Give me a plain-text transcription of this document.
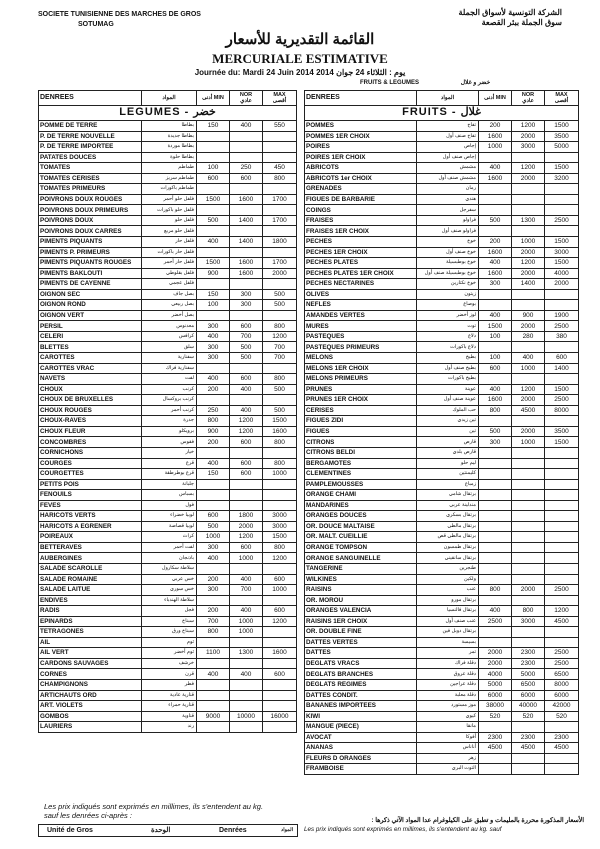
SOCIETE TUNISIENNE DES MARCHES DE GROS
SOTUMAG
الشركة التونسية لأسواق الجملة
سوق الجملة ببئر القصعة
القائمة التقديرية للأسعار
MERCURIALE ESTIMATIVE
Journée du: Mardi 24 Juin 2014 يوم : الثلاثاء 24 جوان 2014
FRUITS & LEGUMES	خضر و غلال
DENREES	المواد	أدنى MIN	NOR
عادي	MAX
أقصى
LEGUMES - خضر				
POMME DE TERRE	بطاطا	150	400	550
P. DE TERRE NOUVELLE	بطاطا جديدة			
P. DE TERRE IMPORTEE	بطاطا موردة			
PATATES DOUCES	بطاطا حلوة			
TOMATES	طماطم	100	250	450
TOMATES CERISES	طماطم سريز	600	600	800
TOMATES PRIMEURS	طماطم باكورات			
POIVRONS DOUX ROUGES	فلفل حلو أحمر	1500	1600	1700
POIVRONS DOUX PRIMEURS	فلفل حلو باكورات			
POIVRONS DOUX	فلفل حلو	500	1400	1700
POIVRONS DOUX CARRES	فلفل حلو مربع			
PIMENTS PIQUANTS	فلفل حار	400	1400	1800
PIMENTS P. PRIMEURS	فلفل حار باكورات			
PIMENTS PIQUANTS ROUGES	فلفل حار أحمر	1500	1600	1700
PIMENTS BAKLOUTI	فلفل بقلوطي	900	1600	2000
PIMENTS DE CAYENNE	فلفل عجمي			
OIGNON SEC	بصل جاف	150	300	500
OIGNON ROND	بصل ربيعي	100	300	500
OIGNON VERT	بصل أخضر			
PERSIL	معدنوس	300	600	800
CELERI	كرافس	400	700	1200
BLETTES	سلق	300	500	700
CAROTTES	سفنارية	300	500	700
CAROTTES VRAC	سفنارية فراك			
NAVETS	لفت	400	600	800
CHOUX	كرنب	200	400	500
CHOUX DE BRUXELLES	كرنب بروكسال			
CHOUX ROUGES	كرنب أحمر	250	400	500
CHOUX-RAVES	جدرة	800	1200	1500
CHOUX FLEUR	برويكلو	900	1200	1600
CONCOMBRES	فقوس	200	600	800
CORNICHONS	خيار			
COURGES	قرع	400	600	800
COURGETTES	قرع بوطرطقة	150	600	1000
PETITS POIS	جلبانة			
FENOUILS	بسباس			
FEVES	فول			
HARICOTS VERTS	لوبيا خضراء	600	1800	3000
HARICOTS A EGRENER	لوبيا قصاصة	500	2000	3000
POIREAUX	كراث	1000	1200	1500
BETTERAVES	لفت أحمر	300	600	800
AUBERGINES	باذنجان	400	1000	1200
SALADE SCAROLLE	سلاطة سكارول			
SALADE ROMAINE	خس عربي	200	400	600
SALADE LAITUE	خس سوري	300	700	1000
ENDIVES	سلاطة الهندباء			
RADIS	فجل	200	400	600
EPINARDS	سبناخ	700	1000	1200
TETRAGONES	سبناخ ورق	800	1000	
AIL	ثوم			
AIL VERT	ثوم أخضر	1100	1300	1600
CARDONS SAUVAGES	خرشف			
CORNES	قرن	400	400	600
CHAMPIGNONS	فطر			
ARTICHAUTS ORD	قنارية عادية			
ART. VIOLETS	قنارية حمراء			
GOMBOS	قناوية	9000	10000	16000
LAURIERS	رند			
DENREES	المواد	أدنى MIN	NOR
عادي	MAX
أقصى
FRUITS - غلال				
POMMES	تفاح	200	1200	1500
POMMES 1ER CHOIX	تفاح صنف أول	1600	2000	3500
POIRES	إجاص	1000	3000	5000
POIRES 1ER CHOIX	إجاص صنف أول			
ABRICOTS	مشمش	400	1200	1500
ABRICOTS 1er CHOIX	مشمش صنف أول	1600	2000	3200
GRENADES	رمان			
FIGUES DE BARBARIE	هندي			
COINGS	سفرجل			
FRAISES	فراولو	500	1300	2500
FRAISES 1ER CHOIX	فراولو صنف أول			
PECHES	خوخ	200	1000	1500
PECHES 1ER CHOIX	خوخ صنف أول	1600	2000	3000
PECHES PLATES	خوخ بوطبسيلة	400	1200	1500
PECHES PLATES 1ER CHOIX	خوخ بوطبسيلة صنف أول	1600	2000	4000
PECHES NECTARINES	خوخ نكتارين	300	1400	2000
OLIVES	زيتون			
NEFLES	بوصاع			
AMANDES VERTES	لوز أخضر	400	900	1900
MURES	توت	1500	2000	2500
PASTEQUES	دلاع	100	280	380
PASTEQUES PRIMEURS	دلاع باكورات			
MELONS	بطيخ	100	400	600
MELONS 1ER CHOIX	بطيخ صنف أول	600	1000	1400
MELONS PRIMEURS	بطيخ باكورات			
PRUNES	عوينة	400	1200	1500
PRUNES 1ER CHOIX	عوينة صنف أول	1600	2000	2500
CERISES	حب الملوك	800	4500	8000
FIGUES ZIDI	تين زيدي			
FIGUES	تين	500	2000	3500
CITRONS	قارص	300	1000	1500
CITRONS BELDI	قارص بلدي			
BERGAMOTES	ليم حلو			
CLEMENTINES	كليمنتين			
PAMPLEMOUSSES	زمباع			
ORANGE CHAMI	برتقال شامي			
MANDARINES	مندلينة عربي			
ORANGES DOUCES	برتقال بسكري			
OR. DOUCE MALTAISE	برتقال مالطي			
OR. MALT. CUEILLIE	برتقال مالطي قص			
ORANGE TOMPSON	برتقال طمسون			
ORANGE SANGUINELLE	برتقال سانقيني			
TANGERINE	طنجرين			
WILKINES	ولكين			
RAISINS	عنب	800	2000	2500
OR. MOROU	برتقال مورو			
ORANGES VALENCIA	برتقال فالنسيا	400	800	1200
RAISINS 1ER CHOIX	عنب صنف أول	2500	3000	4500
OR. DOUBLE FINE	برتقال دوبل فين			
DATTES VERTES	بسيسة			
DATTES	تمر	2000	2300	2500
DEGLATS VRACS	دقلة فراك	2000	2300	2500
DEGLATS BRANCHES	دقلة عروق	4000	5000	6500
DEGLATS REGIMES	دقلة عراجين	5000	6500	8000
DATTES CONDIT.	دقلة معلبة	6000	6000	6000
BANANES IMPORTEES	موز مستورد	38000	40000	42000
KIWI	كيوي	520	520	520
MANGUE (PIECE)	مانقا			
AVOCAT	أفوكا	2300	2300	2300
ANANAS	أناناس	4500	4500	4500
FLEURS D ORANGES	زهر			
FRAMBOISE	التوت البري			
Les prix indiqués sont exprimés en millimes, ils s'entendent au kg.
sauf les denrées ci-après :
Unité de Gros	الوحدة	Denrées	المواد
الأسعار المذكورة محررة بالمليمات و تطبق على الكيلوغرام عدا المواد الآتي ذكرها :
Les prix indiqués sont exprimés en millimes, ils s'entendent au kg. sauf
